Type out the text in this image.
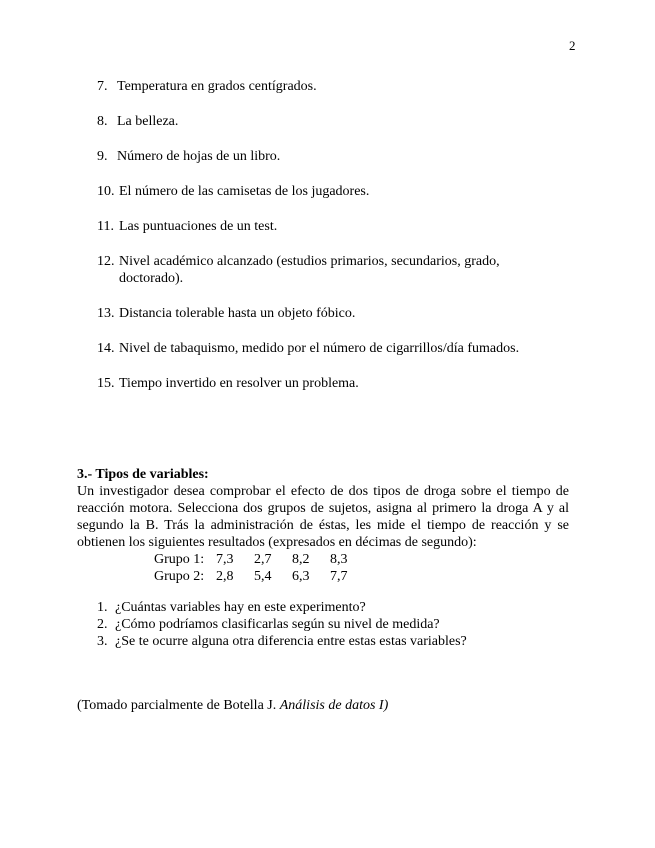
2
7. Temperatura en grados centígrados.
8. La belleza.
9. Número de hojas de un libro.
10. El número de las camisetas de los jugadores.
11. Las puntuaciones de un test.
12. Nivel académico alcanzado (estudios primarios, secundarios, grado, doctorado).
13. Distancia tolerable hasta un objeto fóbico.
14. Nivel de tabaquismo, medido por el número de cigarrillos/día fumados.
15. Tiempo invertido en resolver un problema.
3.- Tipos de variables:

Un investigador desea comprobar el efecto de dos tipos de droga sobre el tiempo de reacción motora. Selecciona dos grupos de sujetos, asigna al primero la droga A y al segundo la B. Trás la administración de éstas, les mide el tiempo de reacción y se obtienen los siguientes resultados (expresados en décimas de segundo):

Grupo 1:	7,3	2,7	8,2	8,3
Grupo 2:	2,8	5,4	6,3	7,7
1. ¿Cuántas variables hay en este experimento?
2. ¿Cómo podríamos clasificarlas según su nivel de medida?
3. ¿Se te ocurre alguna otra diferencia entre estas estas variables?
(Tomado parcialmente de Botella J. Análisis de datos I)
